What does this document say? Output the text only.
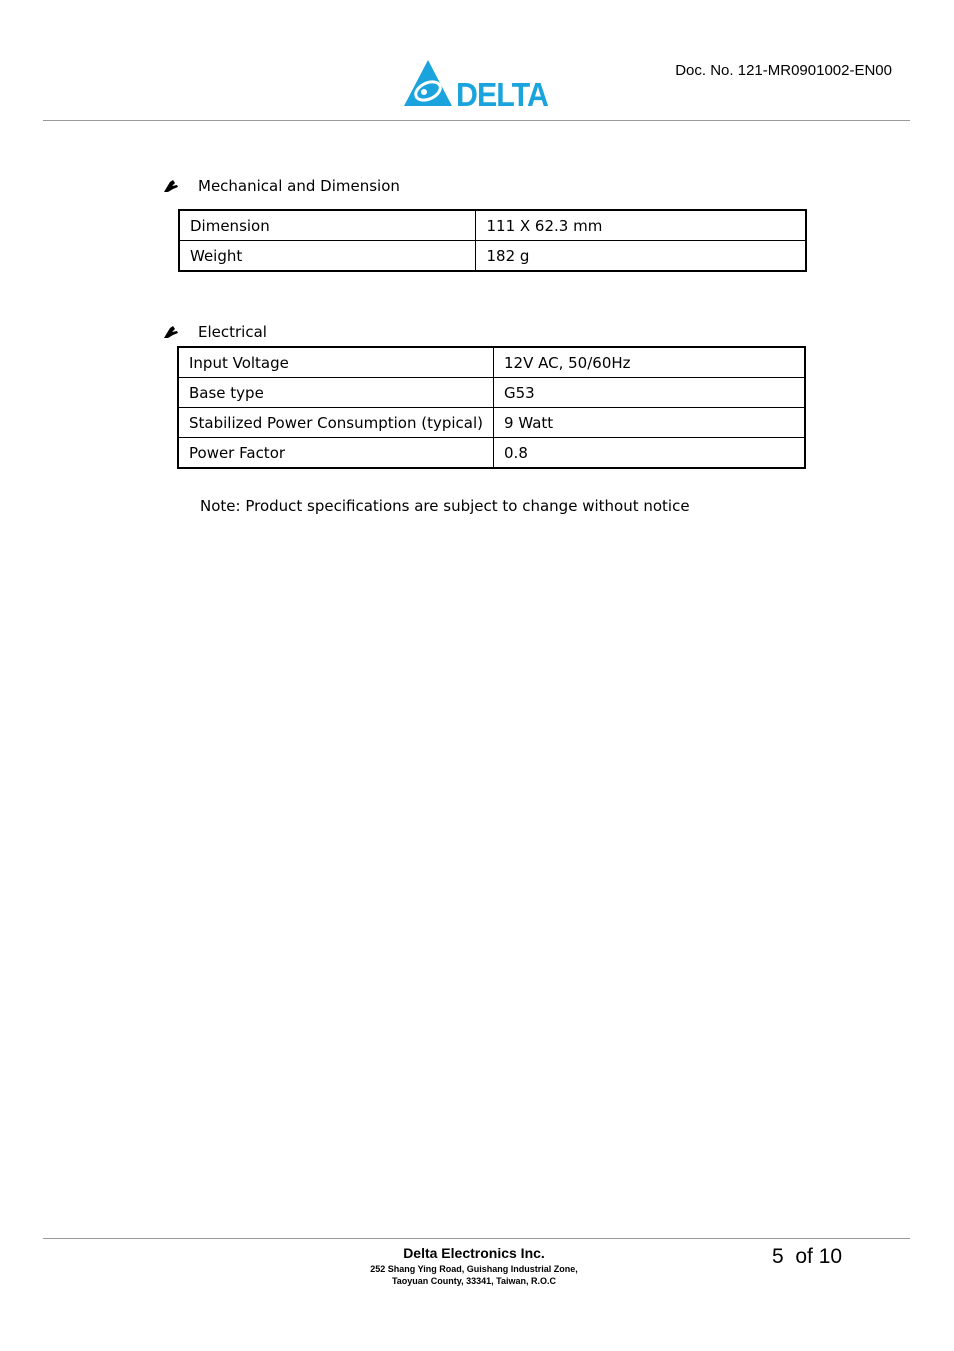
DELTA
Doc. No. 121-MR0901002-EN00
Mechanical and Dimension
Dimension	111 X 62.3 mm
Weight	182 g
Electrical
Input Voltage	12V AC, 50/60Hz
Base type	G53
Stabilized Power Consumption (typical)	9 Watt
Power Factor	0.8
Note: Product specifications are subject to change without notice
Delta Electronics Inc.
252 Shang Ying Road, Guishang Industrial Zone,
Taoyuan County, 33341, Taiwan, R.O.C
5  of 10
